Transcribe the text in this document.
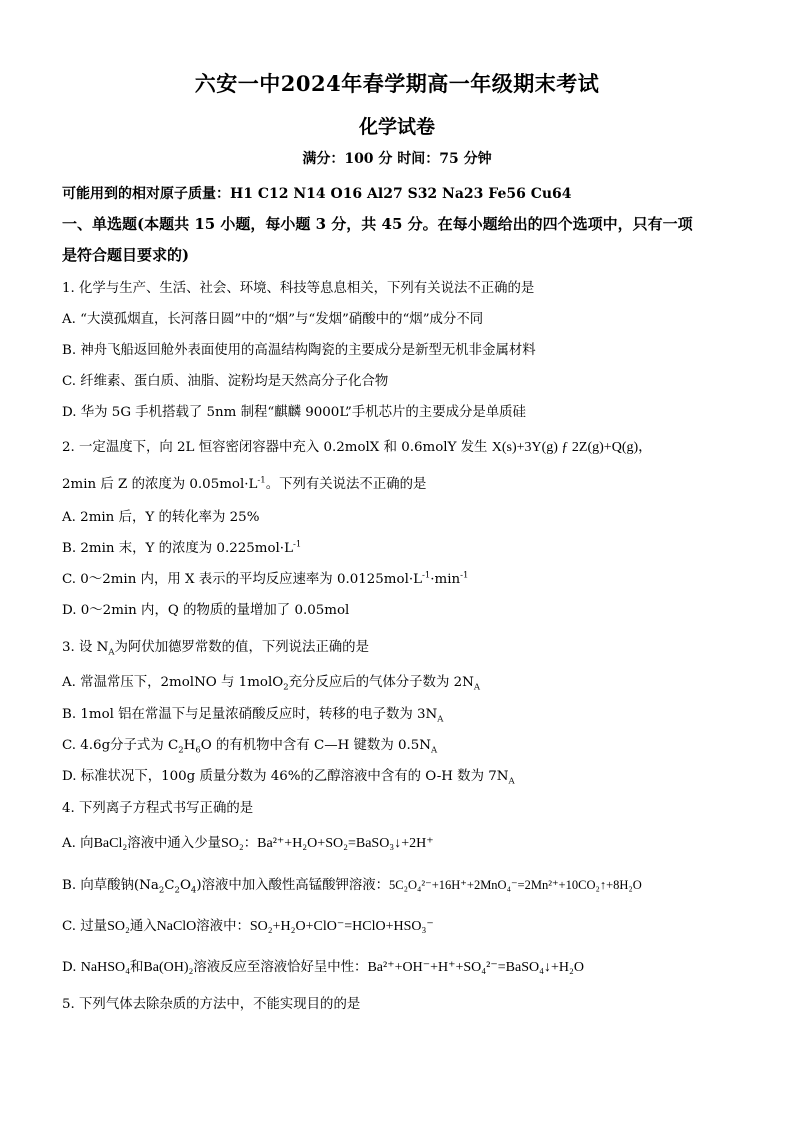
六安一中2024年春学期高一年级期末考试
化学试卷
满分：100 分 时间：75 分钟
可能用到的相对原子质量：H1 C12 N14 O16 Al27 S32 Na23 Fe56 Cu64
一、单选题(本题共 15 小题，每小题 3 分，共 45 分。在每小题给出的四个选项中，只有一项
是符合题目要求的)
1. 化学与生产、生活、社会、环境、科技等息息相关，下列有关说法不正确的是
A. “大漠孤烟直，长河落日圆”中的“烟”与“发烟”硝酸中的“烟”成分不同
B. 神舟飞船返回舱外表面使用的高温结构陶瓷的主要成分是新型无机非金属材料
C. 纤维素、蛋白质、油脂、淀粉均是天然高分子化合物
D. 华为 5G 手机搭载了 5nm 制程“麒麟 9000L”手机芯片的主要成分是单质硅
2. 一定温度下，向 2L 恒容密闭容器中充入 0.2molX 和 0.6molY 发生 X(s)+3Y(g) ƒ 2Z(g)+Q(g)，
2min 后 Z 的浓度为 $0.05mol\cdot L^{-1}$。下列有关说法不正确的是
A. 2min 后，Y 的转化率为 25%
B. 2min 末，Y 的浓度为 $0.225mol\cdot L^{-1}$
C. 0～2min 内，用 X 表示的平均反应速率为 $0.0125mol\cdot L^{-1}\cdot\min^{-1}$
D. 0～2min 内，Q 的物质的量增加了 0.05mol
3. 设 $N_A$为阿伏加德罗常数的值，下列说法正确的是
A. 常温常压下，2molNO 与 1molO$_2$充分反应后的气体分子数为 $2N_A$
B. 1mol 铝在常温下与足量浓硝酸反应时，转移的电子数为 $3N_A$
C. 4.6g分子式为 $C_2H_6O$ 的有机物中含有 C—H 键数为 $0.5N_A$
D. 标准状况下，100g 质量分数为 46%的乙醇溶液中含有的 O-H 数为 $7N_A$
4. 下列离子方程式书写正确的是
A. 向BaCl₂溶液中通入少量SO₂：Ba²⁺+H₂O+SO₂=BaSO₃↓+2H⁺
B. 向草酸钠$(Na_2C_2O_4)$溶液中加入酸性高锰酸钾溶液：5C₂O₄²⁻+16H⁺+2MnO₄⁻=2Mn²⁺+10CO₂↑+8H₂O
C. 过量SO₂通入NaClO溶液中：SO₂+H₂O+ClO⁻=HClO+HSO₃⁻
D. NaHSO₄和Ba(OH)₂溶液反应至溶液恰好呈中性：Ba²⁺+OH⁻+H⁺+SO₄²⁻=BaSO₄↓+H₂O
5. 下列气体去除杂质的方法中，不能实现目的的是
